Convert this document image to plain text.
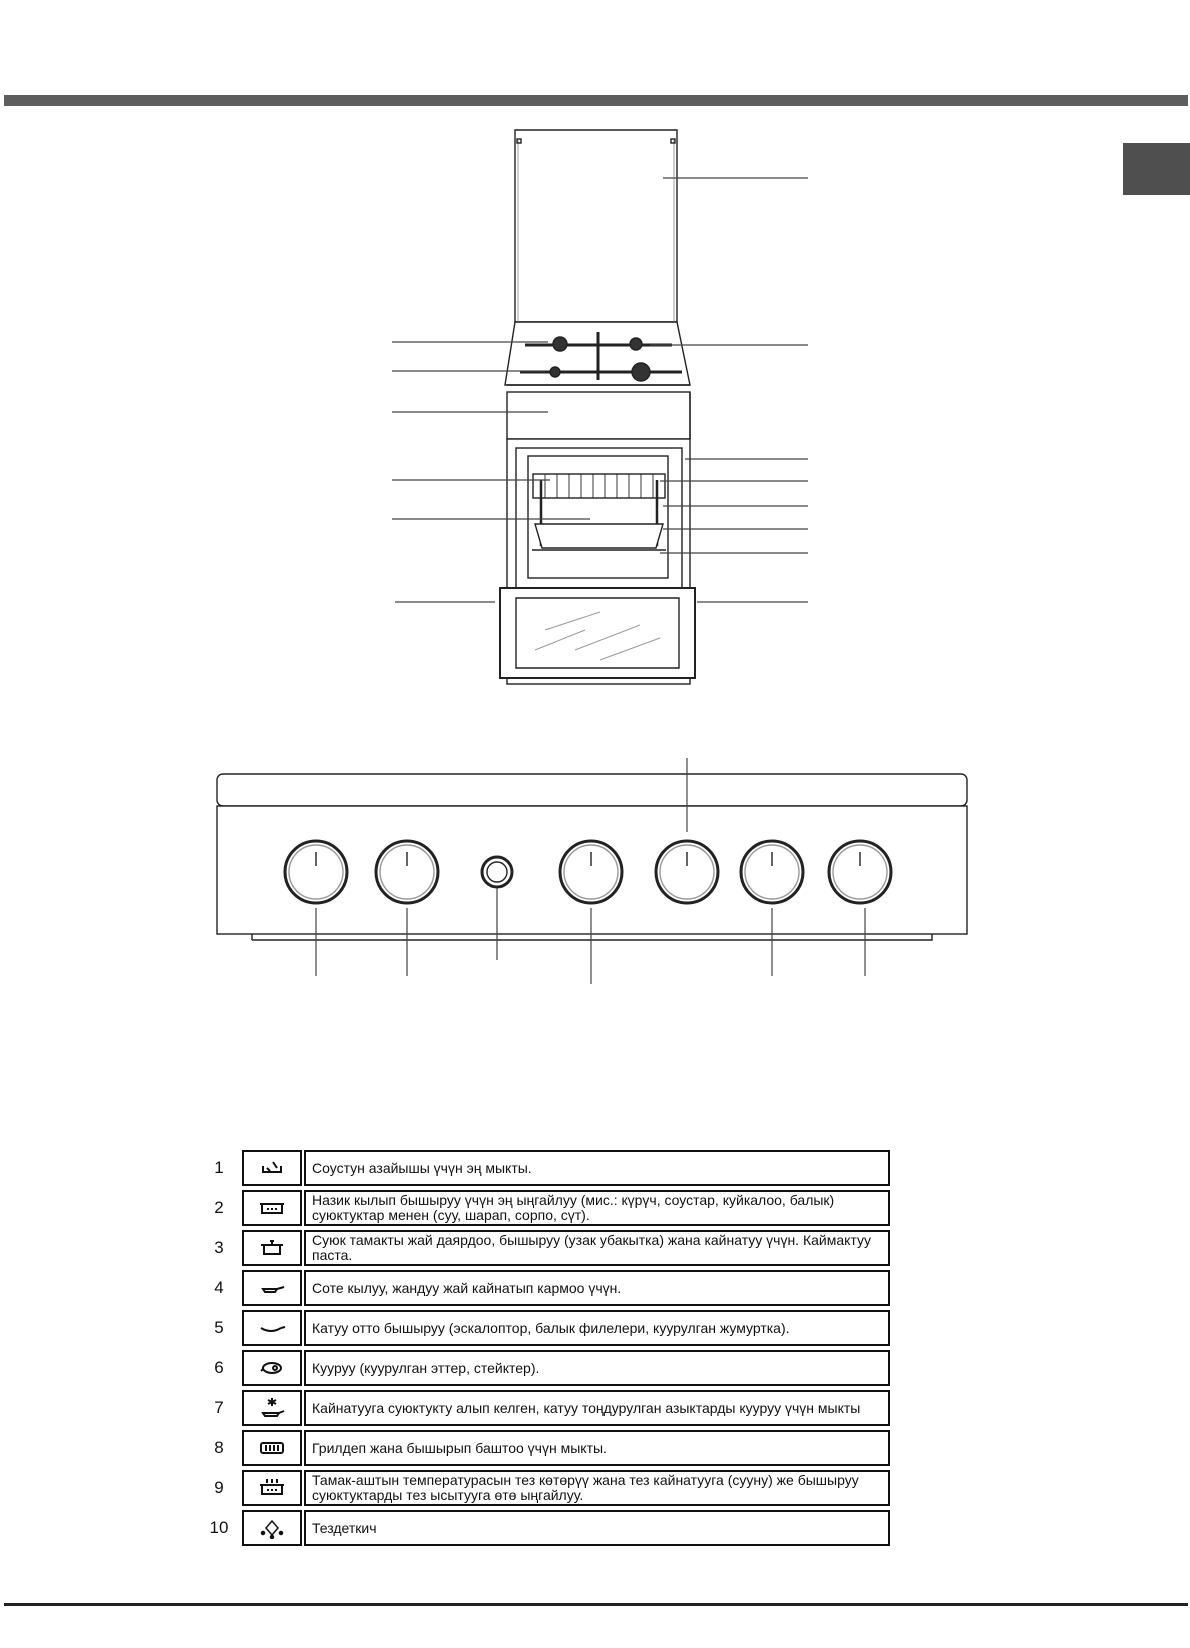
1	Соустун азайышы үчүн эң мыкты.
2	Назик кылып бышыруу үчүн эң ыңгайлуу (мис.: күрүч, соустар, куйкалоо, балык) суюктуктар менен (суу, шарап, сорпо, сүт).
3	Суюк тамакты жай даярдоо, бышыруу (узак убакытка) жана кайнатуу үчүн. Каймактуу паста.
4	Соте кылуу, жандуу жай кайнатып кармоо үчүн.
5	Катуу отто бышыруу (эскалоптор, балык филелери, куурулган жумуртка).
6	Кууруу (куурулган эттер, стейктер).
7	Кайнатууга суюктукту алып келген, катуу тоңдурулган азыктарды кууруу үчүн мыкты
8	Грилдеп жана бышырып баштоо үчүн мыкты.
9	Тамак-аштын температурасын тез көтөрүү жана тез кайнатууга (сууну) же бышыруу суюктуктарды тез ысытууга өтө ыңгайлуу.
10	Тездеткич
